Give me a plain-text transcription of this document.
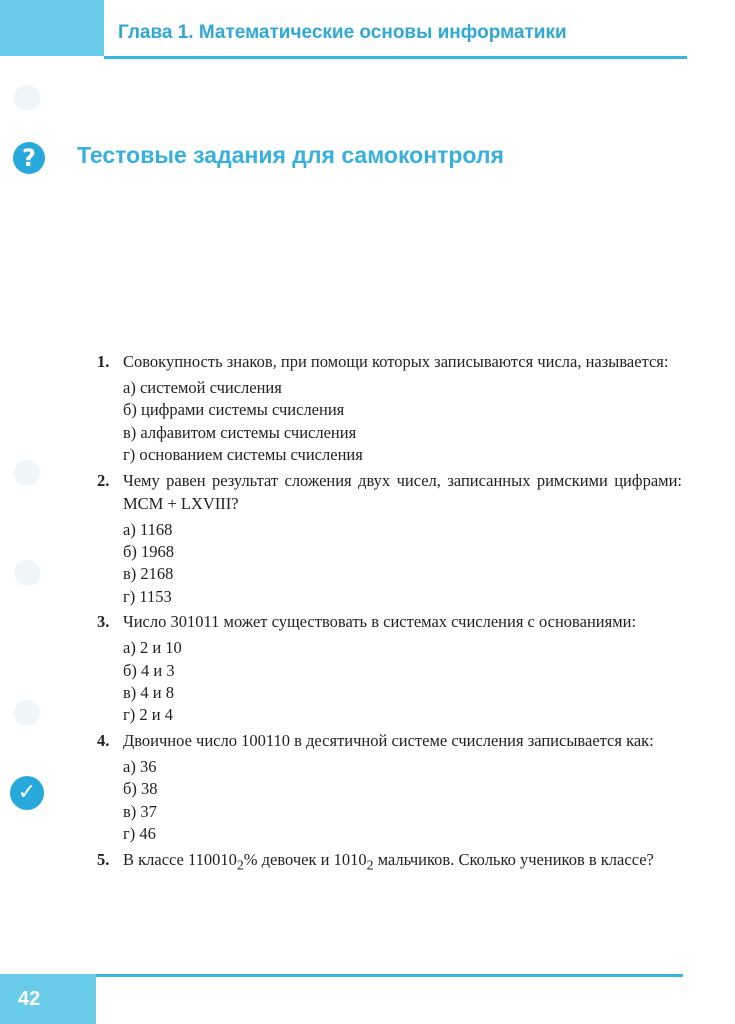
Глава 1. Математические основы информатики
?	Тестовые задания для самоконтроля
✓
1. Совокупность знаков, при помощи которых записываются числа, называется:
а) системой счисления
б) цифрами системы счисления
в) алфавитом системы счисления
г) основанием системы счисления
2. Чему равен результат сложения двух чисел, записанных римскими цифрами: MCM + LXVIII?
а) 1168
б) 1968
в) 2168
г) 1153
3. Число 301011 может существовать в системах счисления с основаниями:
а) 2 и 10
б) 4 и 3
в) 4 и 8
г) 2 и 4
4. Двоичное число 100110 в десятичной системе счисления записывается как:
а) 36
б) 38
в) 37
г) 46
5. В классе $110010_2\%$ девочек и $1010_2$ мальчиков. Сколько учеников в классе?
42
